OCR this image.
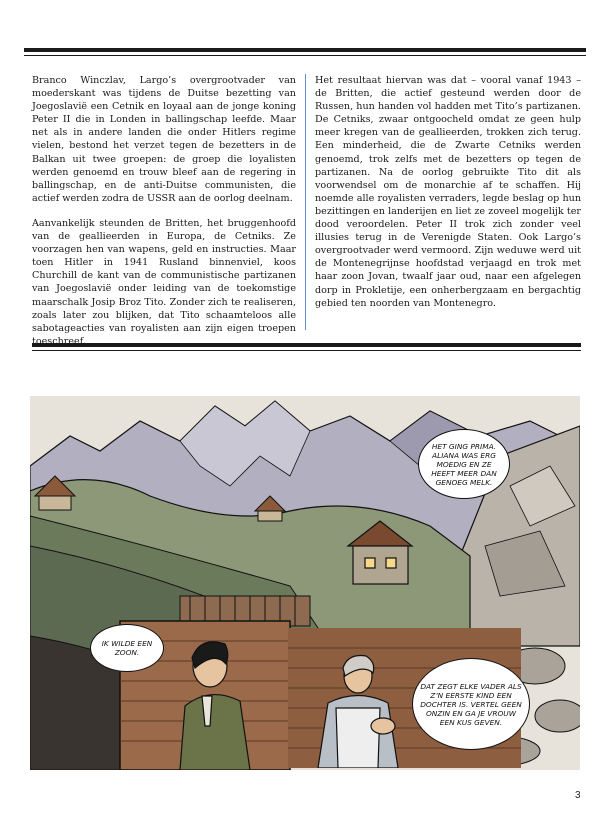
Branco Winczlav, Largo’s overgrootvader van moederskant was tijdens de Duitse bezetting van Joegoslavië een Cetnik en loyaal aan de jonge koning Peter II die in Londen in ballingschap leefde. Maar net als in andere landen die onder Hitlers regime vielen, bestond het verzet tegen de bezetters in de Balkan uit twee groepen: de groep die loyalisten werden genoemd en trouw bleef aan de regering in ballingschap, en de anti-Duitse communisten, die actief werden zodra de USSR aan de oorlog deelnam.

Aanvankelijk steunden de Britten, het bruggenhoofd van de geallieerden in Europa, de Cetniks. Ze voorzagen hen van wapens, geld en instructies. Maar toen Hitler in 1941 Rusland binnenviel, koos Churchill de kant van de communistische partizanen van Joegoslavië onder leiding van de toekomstige maarschalk Josip Broz Tito. Zonder zich te realiseren, zoals later zou blijken, dat Tito schaamteloos alle sabotageacties van royalisten aan zijn eigen troepen toeschreef.

Het resultaat hiervan was dat – vooral vanaf 1943 – de Britten, die actief gesteund werden door de Russen, hun handen vol hadden met Tito’s partizanen. De Cetniks, zwaar ontgoocheld omdat ze geen hulp meer kregen van de geallieerden, trokken zich terug. Een minderheid, die de Zwarte Cetniks werden genoemd, trok zelfs met de bezetters op tegen de partizanen. Na de oorlog gebruikte Tito dit als voorwendsel om de monarchie af te schaffen. Hij noemde alle royalisten verraders, legde beslag op hun bezittingen en landerijen en liet ze zoveel mogelijk ter dood veroordelen. Peter II trok zich zonder veel illusies terug in de Verenigde Staten. Ook Largo’s overgrootvader werd vermoord. Zijn weduwe werd uit de Montenegrijnse hoofdstad verjaagd en trok met haar zoon Jovan, twaalf jaar oud, naar een afgelegen dorp in Prokletije, een onherbergzaam en bergachtig gebied ten noorden van Montenegro.

HET GING PRIMA. ALIANA WAS ERG MOEDIG EN ZE HEEFT MEER DAN GENOEG MELK.
IK WILDE EEN ZOON.
DAT ZEGT ELKE VADER ALS Z’N EERSTE KIND EEN DOCHTER IS. VERTEL GEEN ONZIN EN GA JE VROUW EEN KUS GEVEN.
3
